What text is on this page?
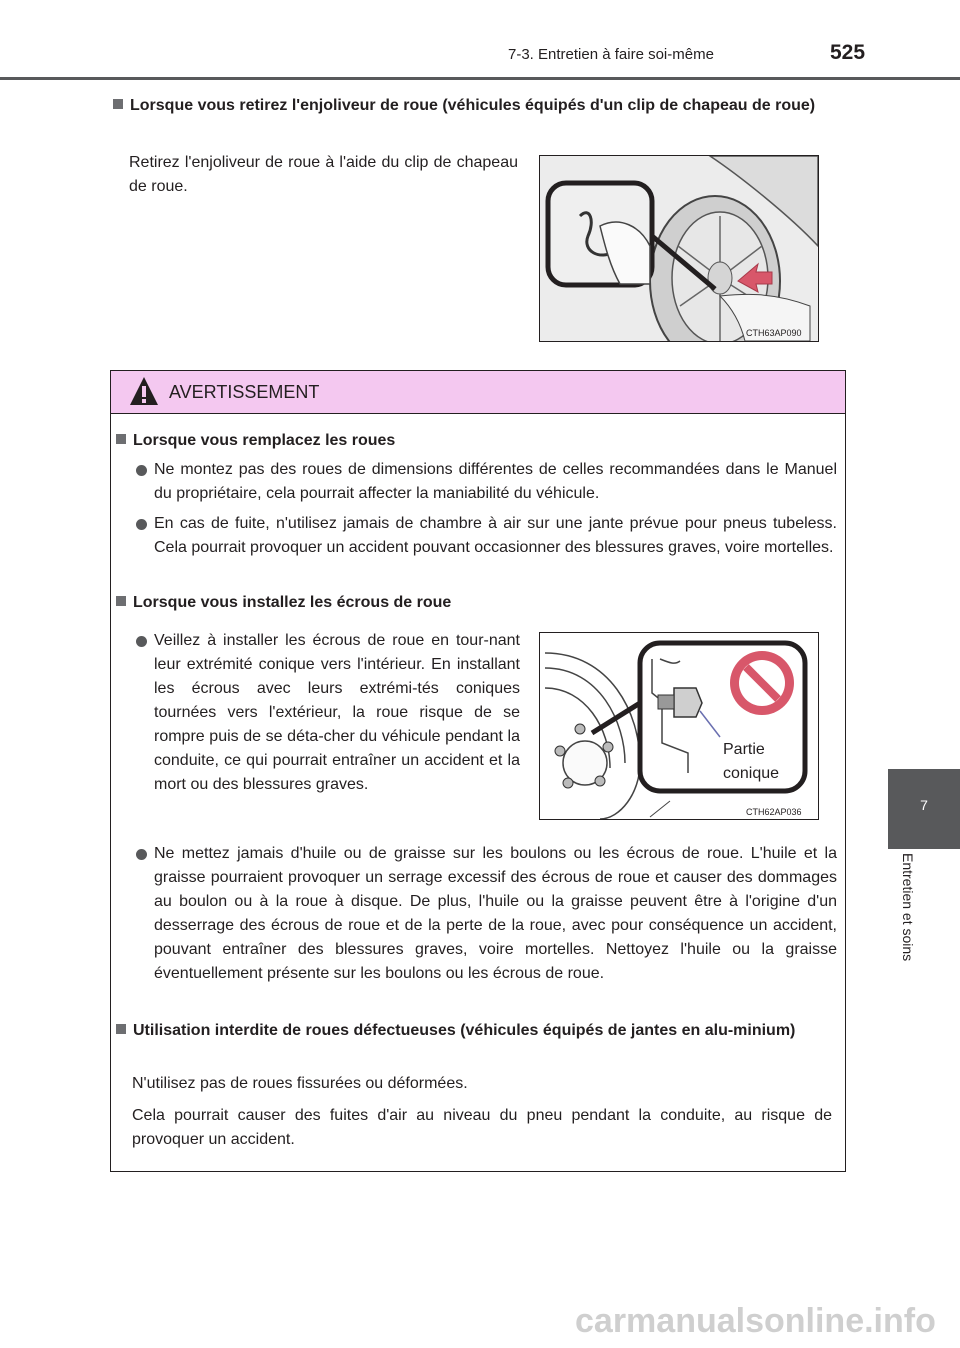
7-3. Entretien à faire soi-même	525
7
Entretien et soins
Lorsque vous retirez l'enjoliveur de roue (véhicules équipés d'un clip de chapeau de roue)
Retirez l'enjoliveur de roue à l'aide du clip de chapeau de roue.
CTH63AP090
AVERTISSEMENT
Lorsque vous remplacez les roues
Ne montez pas des roues de dimensions différentes de celles recommandées dans le Manuel du propriétaire, cela pourrait affecter la maniabilité du véhicule.
En cas de fuite, n'utilisez jamais de chambre à air sur une jante prévue pour pneus tubeless. Cela pourrait provoquer un accident pouvant occasionner des blessures graves, voire mortelles.
Lorsque vous installez les écrous de roue
Veillez à installer les écrous de roue en tour-nant leur extrémité conique vers l'intérieur. En installant les écrous avec leurs extrémi-tés coniques tournées vers l'extérieur, la roue risque de se rompre puis de se déta-cher du véhicule pendant la conduite, ce qui pourrait entraîner un accident et la mort ou des blessures graves.
Ne mettez jamais d'huile ou de graisse sur les boulons ou les écrous de roue. L'huile et la graisse pourraient provoquer un serrage excessif des écrous de roue et causer des dommages au boulon ou à la roue à disque. De plus, l'huile ou la graisse peuvent être à l'origine d'un desserrage des écrous de roue et de la perte de la roue, avec pour conséquence un accident, pouvant entraîner des blessures graves, voire mortelles. Nettoyez l'huile ou la graisse éventuellement présente sur les boulons ou les écrous de roue.
Utilisation interdite de roues défectueuses (véhicules équipés de jantes en alu-minium)
N'utilisez pas de roues fissurées ou déformées.
Cela pourrait causer des fuites d'air au niveau du pneu pendant la conduite, au risque de provoquer un accident.
Partie
conique
CTH62AP036
carmanualsonline.info
